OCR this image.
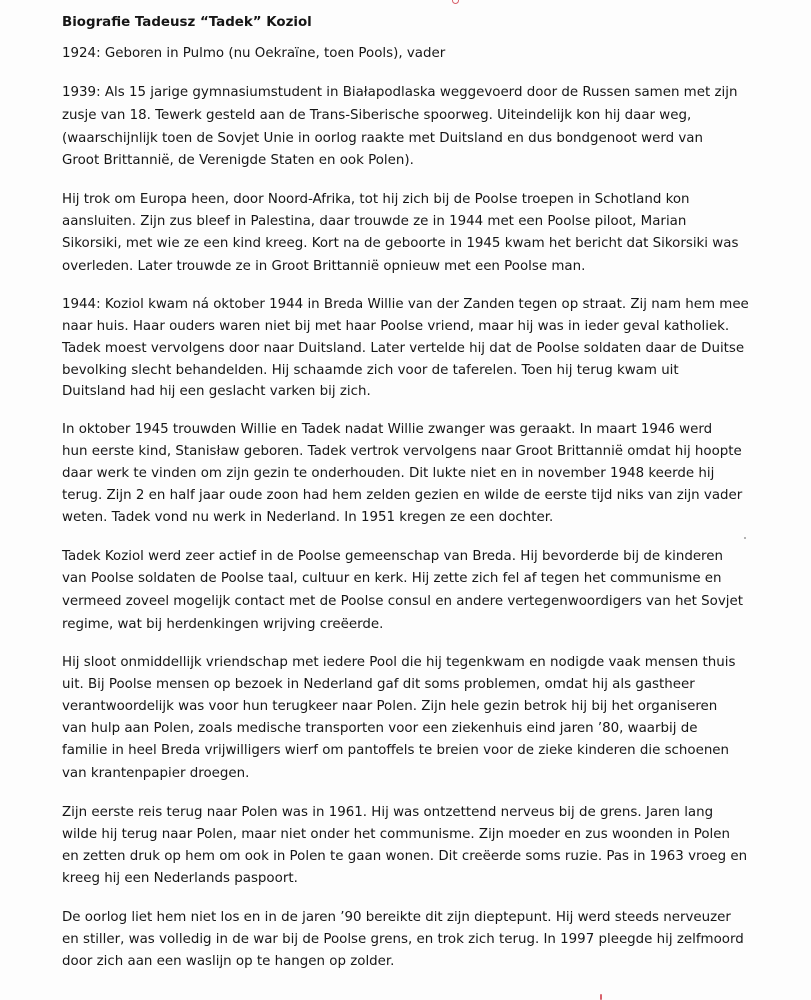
Biografie Tadeusz “Tadek” Koziol
1924: Geboren in Pulmo (nu Oekraïne, toen Pools), vader
1939: Als 15 jarige gymnasiumstudent in Białapodlaska weggevoerd door de Russen samen met zijn
zusje van 18. Tewerk gesteld aan de Trans-Siberische spoorweg. Uiteindelijk kon hij daar weg,
(waarschijnlijk toen de Sovjet Unie in oorlog raakte met Duitsland en dus bondgenoot werd van
Groot Brittanniё, de Verenigde Staten en ook Polen).
Hij trok om Europa heen, door Noord-Afrika, tot hij zich bij de Poolse troepen in Schotland kon
aansluiten. Zijn zus bleef in Palestina, daar trouwde ze in 1944 met een Poolse piloot, Marian
Sikorsiki, met wie ze een kind kreeg. Kort na de geboorte in 1945 kwam het bericht dat Sikorsiki was
overleden. Later trouwde ze in Groot Brittanniё opnieuw met een Poolse man.
1944: Koziol kwam ná oktober 1944 in Breda Willie van der Zanden tegen op straat. Zij nam hem mee
naar huis. Haar ouders waren niet bij met haar Poolse vriend, maar hij was in ieder geval katholiek.
Tadek moest vervolgens door naar Duitsland. Later vertelde hij dat de Poolse soldaten daar de Duitse
bevolking slecht behandelden. Hij schaamde zich voor de taferelen. Toen hij terug kwam uit
Duitsland had hij een geslacht varken bij zich.
In oktober 1945 trouwden Willie en Tadek nadat Willie zwanger was geraakt. In maart 1946 werd
hun eerste kind, Stanisław geboren. Tadek vertrok vervolgens naar Groot Brittanniё omdat hij hoopte
daar werk te vinden om zijn gezin te onderhouden. Dit lukte niet en in november 1948 keerde hij
terug. Zijn 2 en half jaar oude zoon had hem zelden gezien en wilde de eerste tijd niks van zijn vader
weten. Tadek vond nu werk in Nederland. In 1951 kregen ze een dochter.
Tadek Koziol werd zeer actief in de Poolse gemeenschap van Breda. Hij bevorderde bij de kinderen
van Poolse soldaten de Poolse taal, cultuur en kerk. Hij zette zich fel af tegen het communisme en
vermeed zoveel mogelijk contact met de Poolse consul en andere vertegenwoordigers van het Sovjet
regime, wat bij herdenkingen wrijving creëerde.
Hij sloot onmiddellijk vriendschap met iedere Pool die hij tegenkwam en nodigde vaak mensen thuis
uit. Bij Poolse mensen op bezoek in Nederland gaf dit soms problemen, omdat hij als gastheer
verantwoordelijk was voor hun terugkeer naar Polen. Zijn hele gezin betrok hij bij het organiseren
van hulp aan Polen, zoals medische transporten voor een ziekenhuis eind jaren ’80, waarbij de
familie in heel Breda vrijwilligers wierf om pantoffels te breien voor de zieke kinderen die schoenen
van krantenpapier droegen.
Zijn eerste reis terug naar Polen was in 1961. Hij was ontzettend nerveus bij de grens. Jaren lang
wilde hij terug naar Polen, maar niet onder het communisme. Zijn moeder en zus woonden in Polen
en zetten druk op hem om ook in Polen te gaan wonen. Dit creëerde soms ruzie. Pas in 1963 vroeg en
kreeg hij een Nederlands paspoort.
De oorlog liet hem niet los en in de jaren ’90 bereikte dit zijn dieptepunt. Hij werd steeds nerveuzer
en stiller, was volledig in de war bij de Poolse grens, en trok zich terug. In 1997 pleegde hij zelfmoord
door zich aan een waslijn op te hangen op zolder.
